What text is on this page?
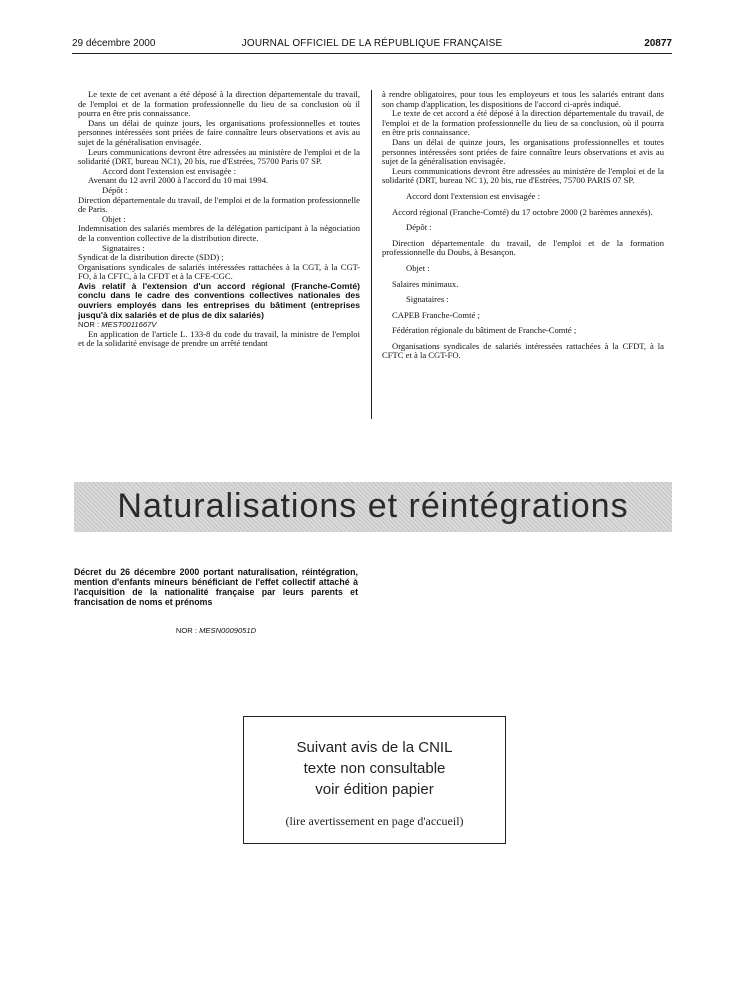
29 décembre 2000	JOURNAL OFFICIEL DE LA RÉPUBLIQUE FRANÇAISE	20877

Le texte de cet avenant a été déposé à la direction départementale du travail, de l'emploi et de la formation professionnelle du lieu de sa conclusion où il pourra en être pris connaissance.

Dans un délai de quinze jours, les organisations professionnelles et toutes personnes intéressées sont priées de faire connaître leurs observations et avis au sujet de la généralisation envisagée.

Leurs communications devront être adressées au ministère de l'emploi et de la solidarité (DRT, bureau NC1), 20 bis, rue d'Estrées, 75700 Paris 07 SP.

Accord dont l'extension est envisagée :

Avenant du 12 avril 2000 à l'accord du 10 mai 1994.

Dépôt :

Direction départementale du travail, de l'emploi et de la formation professionnelle de Paris.

Objet :

Indemnisation des salariés membres de la délégation participant à la négociation de la convention collective de la distribution directe.

Signataires :

Syndicat de la distribution directe (SDD) ;

Organisations syndicales de salariés intéressées rattachées à la CGT, à la CGT-FO, à la CFTC, à la CFDT et à la CFE-CGC.

Avis relatif à l'extension d'un accord régional (Franche-Comté) conclu dans le cadre des conventions collectives nationales des ouvriers employés dans les entreprises du bâtiment (entreprises jusqu'à dix salariés et de plus de dix salariés)

NOR : MEST0011667V

En application de l'article L. 133-8 du code du travail, la ministre de l'emploi et de la solidarité envisage de prendre un arrêté tendant

à rendre obligatoires, pour tous les employeurs et tous les salariés entrant dans son champ d'application, les dispositions de l'accord ci-après indiqué.

Le texte de cet accord a été déposé à la direction départementale du travail, de l'emploi et de la formation professionnelle du lieu de sa conclusion, où il pourra en être pris connaissance.

Dans un délai de quinze jours, les organisations professionnelles et toutes personnes intéressées sont priées de faire connaître leurs observations et avis au sujet de la généralisation envisagée.

Leurs communications devront être adressées au ministère de l'emploi et de la solidarité (DRT, bureau NC 1), 20 bis, rue d'Estrées, 75700 PARIS 07 SP.

Accord dont l'extension est envisagée :

Accord régional (Franche-Comté) du 17 octobre 2000 (2 barèmes annexés).

Dépôt :

Direction départementale du travail, de l'emploi et de la formation professionnelle du Doubs, à Besançon.

Objet :

Salaires minimaux.

Signataires :

CAPEB Franche-Comté ;

Fédération régionale du bâtiment de Franche-Comté ;

Organisations syndicales de salariés intéressées rattachées à la CFDT, à la CFTC et à la CGT-FO.

Naturalisations et réintégrations
Décret du 26 décembre 2000 portant naturalisation, réintégration, mention d'enfants mineurs bénéficiant de l'effet collectif attaché à l'acquisition de la nationalité française par leurs parents et francisation de noms et prénoms
NOR : MESN0009051D
Suivant avis de la CNIL
texte non consultable
voir édition papier
(lire avertissement en page d'accueil)
